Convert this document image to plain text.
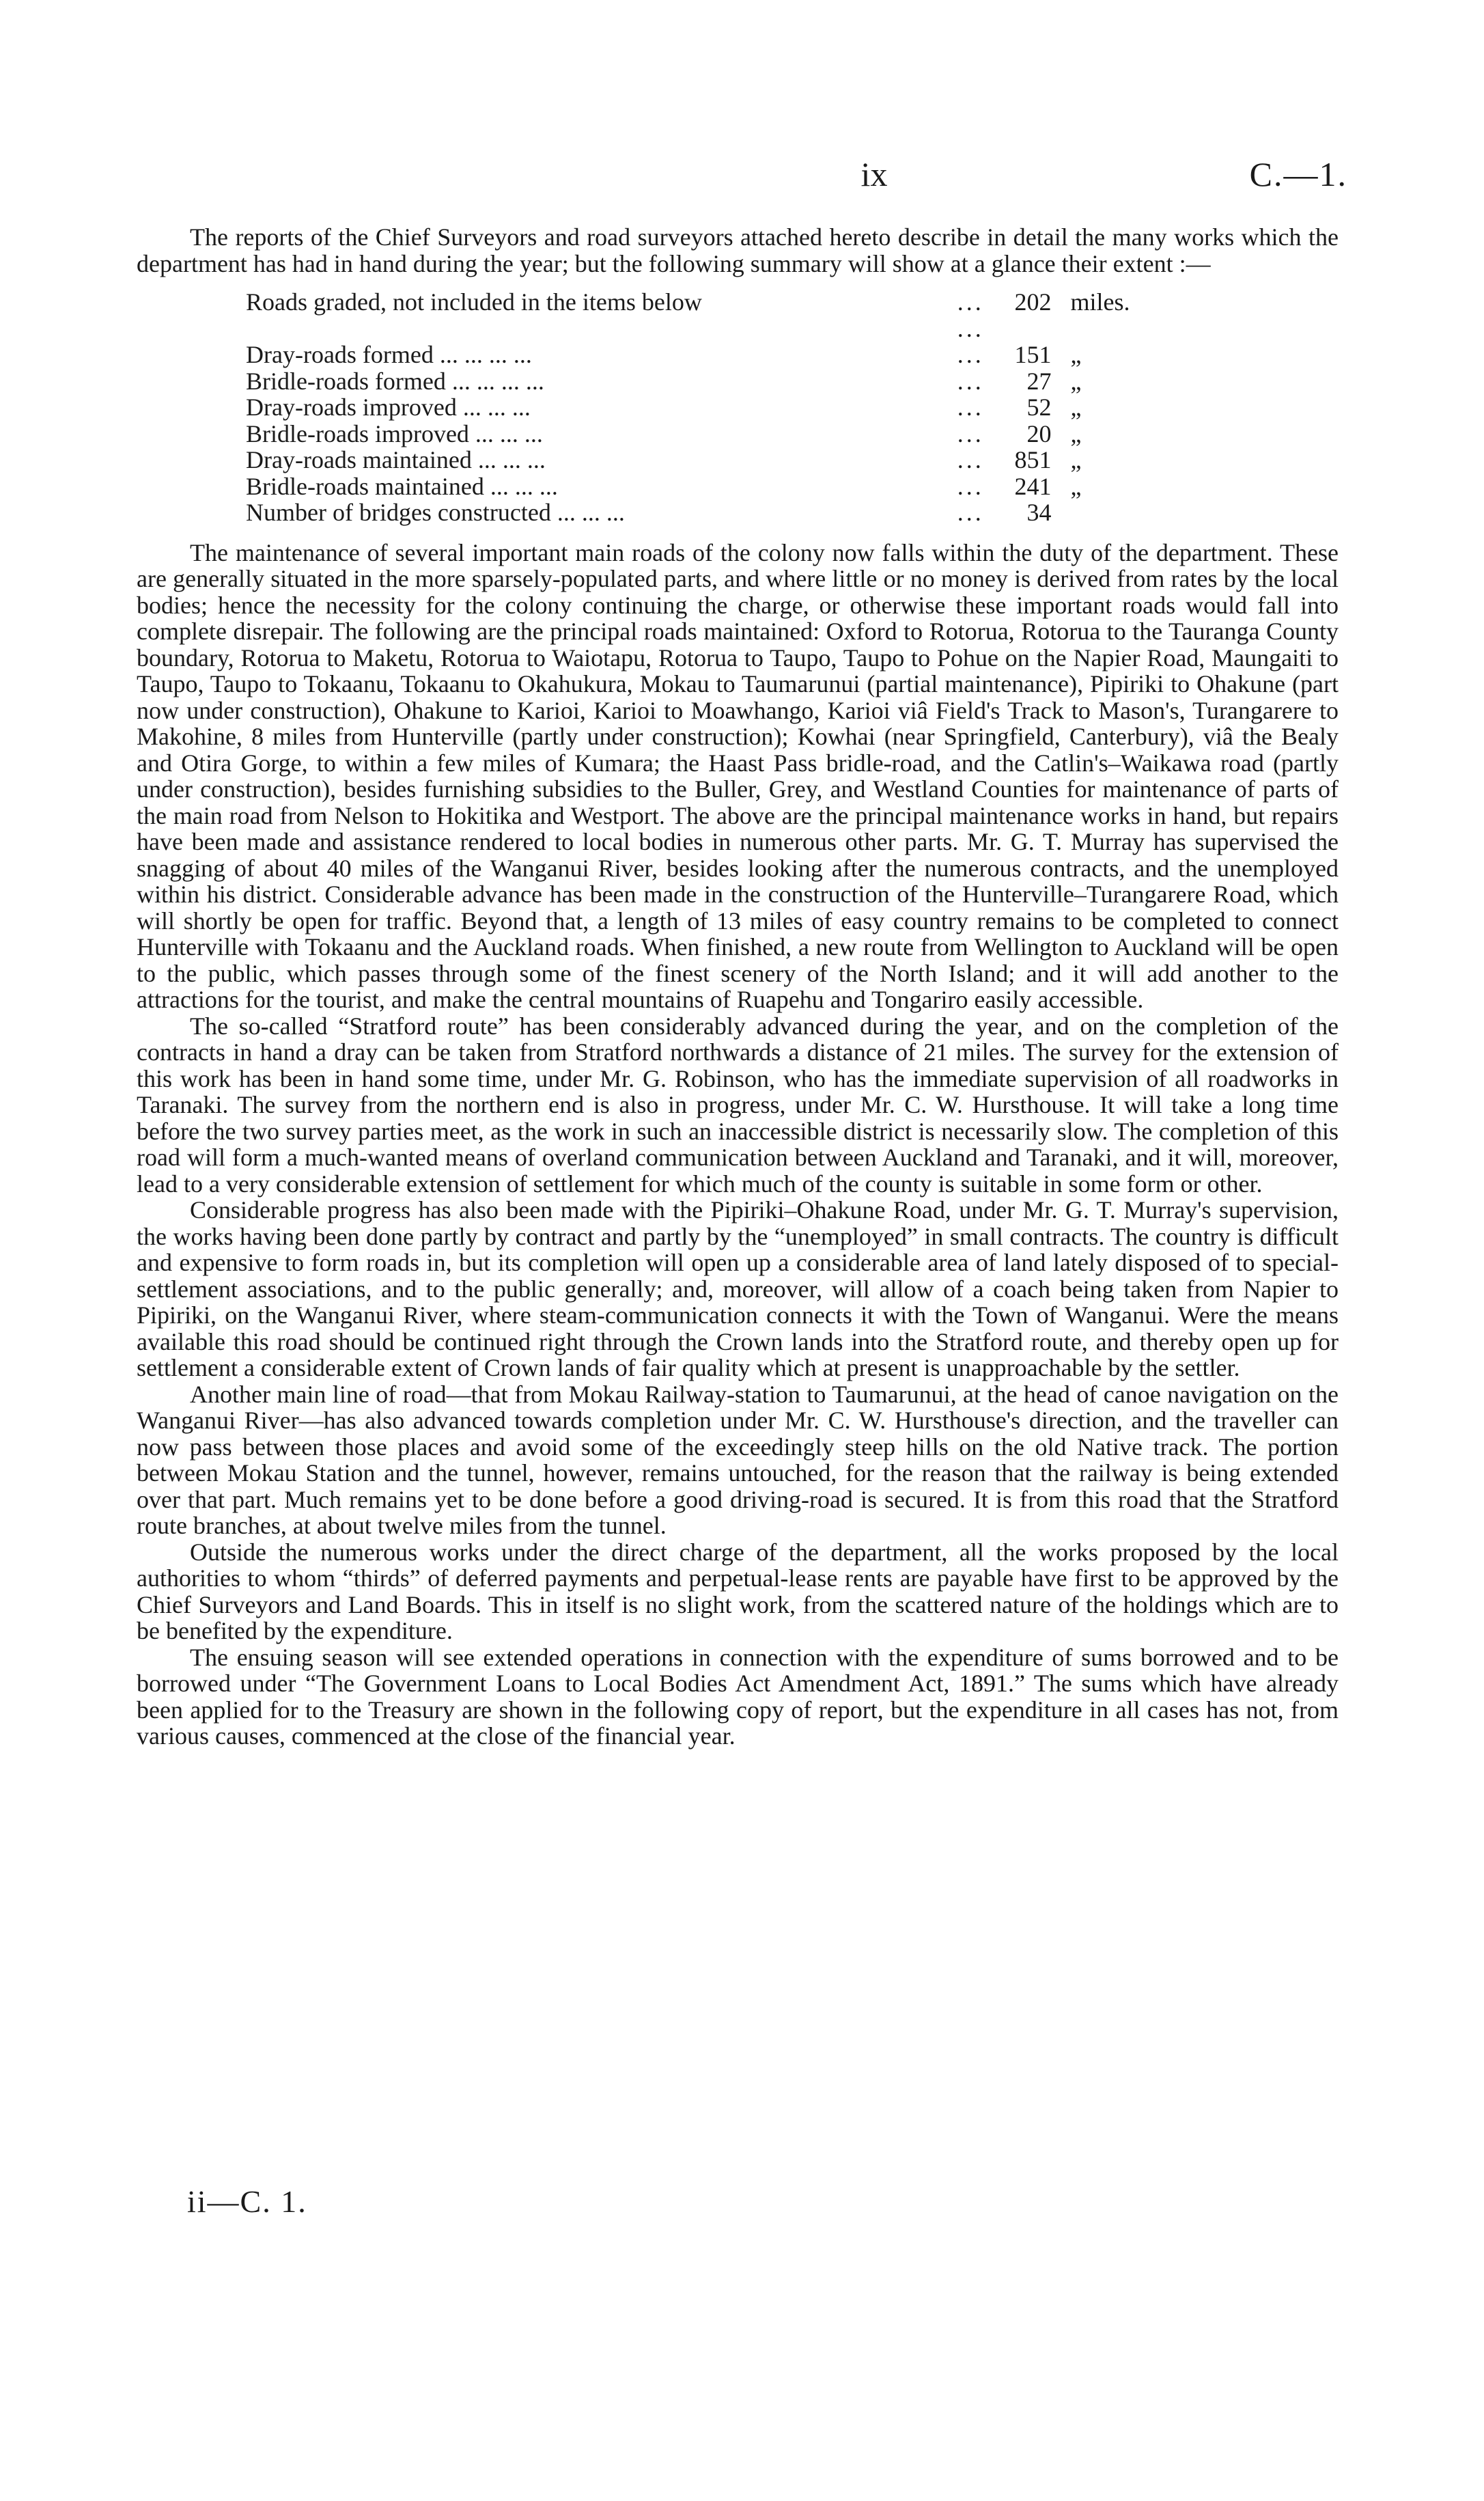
ix	C.—1.

The reports of the Chief Surveyors and road surveyors attached hereto describe in detail the many works which the department has had in hand during the year; but the following summary will show at a glance their extent :—

Roads graded, not included in the items below	... ...	202	miles.
Dray-roads formed ... ... ... ...	...	151	„
Bridle-roads formed ... ... ... ...	...	27	„
Dray-roads improved ... ... ...	...	52	„
Bridle-roads improved ... ... ...	...	20	„
Dray-roads maintained ... ... ...	...	851	„
Bridle-roads maintained ... ... ...	...	241	„
Number of bridges constructed ... ... ...	...	34	

The maintenance of several important main roads of the colony now falls within the duty of the department. These are generally situated in the more sparsely-populated parts, and where little or no money is derived from rates by the local bodies; hence the necessity for the colony continuing the charge, or otherwise these important roads would fall into complete disrepair. The following are the principal roads maintained: Oxford to Rotorua, Rotorua to the Tauranga County boundary, Rotorua to Maketu, Rotorua to Waiotapu, Rotorua to Taupo, Taupo to Pohue on the Napier Road, Maungaiti to Taupo, Taupo to Tokaanu, Tokaanu to Okahukura, Mokau to Taumarunui (partial maintenance), Pipiriki to Ohakune (part now under construction), Ohakune to Karioi, Karioi to Moawhango, Karioi viâ Field's Track to Mason's, Turangarere to Makohine, 8 miles from Hunterville (partly under construction); Kowhai (near Springfield, Canterbury), viâ the Bealy and Otira Gorge, to within a few miles of Kumara; the Haast Pass bridle-road, and the Catlin's–Waikawa road (partly under construction), besides furnishing subsidies to the Buller, Grey, and Westland Counties for maintenance of parts of the main road from Nelson to Hokitika and Westport. The above are the principal maintenance works in hand, but repairs have been made and assistance rendered to local bodies in numerous other parts. Mr. G. T. Murray has supervised the snagging of about 40 miles of the Wanganui River, besides looking after the numerous contracts, and the unemployed within his district. Considerable advance has been made in the construction of the Hunterville–Turangarere Road, which will shortly be open for traffic. Beyond that, a length of 13 miles of easy country remains to be completed to connect Hunterville with Tokaanu and the Auckland roads. When finished, a new route from Wellington to Auckland will be open to the public, which passes through some of the finest scenery of the North Island; and it will add another to the attractions for the tourist, and make the central mountains of Ruapehu and Tongariro easily accessible.

The so-called “Stratford route” has been considerably advanced during the year, and on the completion of the contracts in hand a dray can be taken from Stratford northwards a distance of 21 miles. The survey for the extension of this work has been in hand some time, under Mr. G. Robinson, who has the immediate supervision of all roadworks in Taranaki. The survey from the northern end is also in progress, under Mr. C. W. Hursthouse. It will take a long time before the two survey parties meet, as the work in such an inaccessible district is necessarily slow. The completion of this road will form a much-wanted means of overland communication between Auckland and Taranaki, and it will, moreover, lead to a very considerable extension of settlement for which much of the county is suitable in some form or other.

Considerable progress has also been made with the Pipiriki–Ohakune Road, under Mr. G. T. Murray's supervision, the works having been done partly by contract and partly by the “unemployed” in small contracts. The country is difficult and expensive to form roads in, but its completion will open up a considerable area of land lately disposed of to special-settlement associations, and to the public generally; and, moreover, will allow of a coach being taken from Napier to Pipiriki, on the Wanganui River, where steam-communication connects it with the Town of Wanganui. Were the means available this road should be continued right through the Crown lands into the Stratford route, and thereby open up for settlement a considerable extent of Crown lands of fair quality which at present is unapproachable by the settler.

Another main line of road—that from Mokau Railway-station to Taumarunui, at the head of canoe navigation on the Wanganui River—has also advanced towards completion under Mr. C. W. Hursthouse's direction, and the traveller can now pass between those places and avoid some of the exceedingly steep hills on the old Native track. The portion between Mokau Station and the tunnel, however, remains untouched, for the reason that the railway is being extended over that part. Much remains yet to be done before a good driving-road is secured. It is from this road that the Stratford route branches, at about twelve miles from the tunnel.

Outside the numerous works under the direct charge of the department, all the works proposed by the local authorities to whom “thirds” of deferred payments and perpetual-lease rents are payable have first to be approved by the Chief Surveyors and Land Boards. This in itself is no slight work, from the scattered nature of the holdings which are to be benefited by the expenditure.

The ensuing season will see extended operations in connection with the expenditure of sums borrowed and to be borrowed under “The Government Loans to Local Bodies Act Amendment Act, 1891.” The sums which have already been applied for to the Treasury are shown in the following copy of report, but the expenditure in all cases has not, from various causes, commenced at the close of the financial year.

ii—C. 1.
